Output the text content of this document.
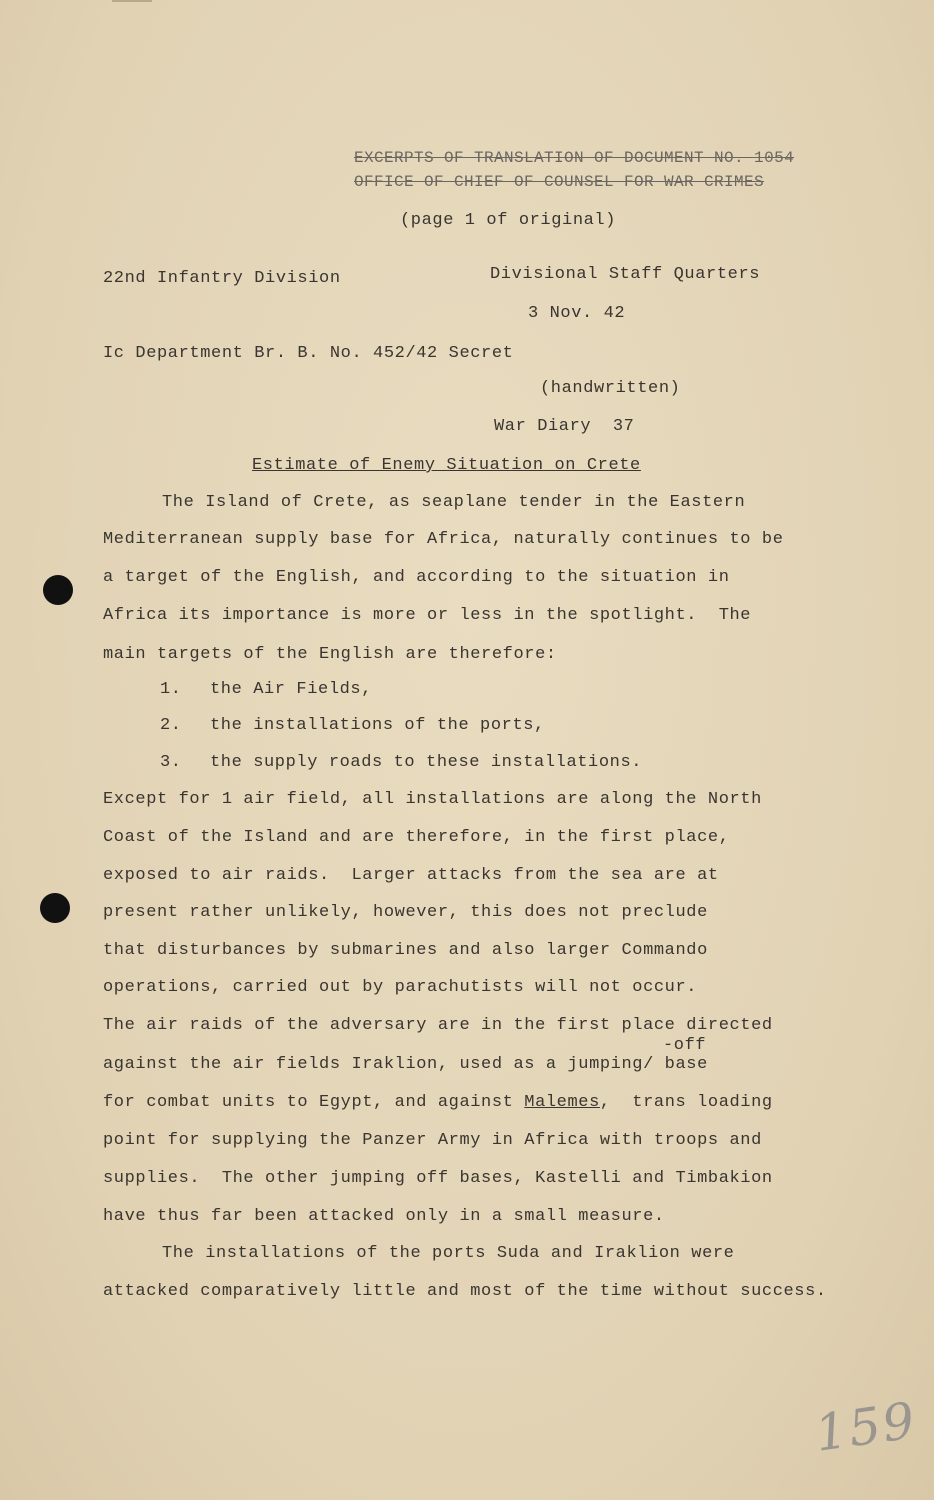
EXCERPTS OF TRANSLATION OF DOCUMENT NO. 1054
OFFICE OF CHIEF OF COUNSEL FOR WAR CRIMES
(page 1 of original)
22nd Infantry Division	Divisional Staff Quarters
3 Nov. 42
Ic Department Br. B. No. 452/42 Secret
(handwritten)
War Diary  37
Estimate of Enemy Situation on Crete
The Island of Crete, as seaplane tender in the Eastern
Mediterranean supply base for Africa, naturally continues to be
a target of the English, and according to the situation in
Africa its importance is more or less in the spotlight.  The
main targets of the English are therefore:
1. the Air Fields,
2. the installations of the ports,
3. the supply roads to these installations.
Except for 1 air field, all installations are along the North
Coast of the Island and are therefore, in the first place,
exposed to air raids.  Larger attacks from the sea are at
present rather unlikely, however, this does not preclude
that disturbances by submarines and also larger Commando
operations, carried out by parachutists will not occur.
The air raids of the adversary are in the first place directed
-off
against the air fields Iraklion, used as a jumping/ base
for combat units to Egypt, and against Malemes,  trans loading
point for supplying the Panzer Army in Africa with troops and
supplies.  The other jumping off bases, Kastelli and Timbakion
have thus far been attacked only in a small measure.
The installations of the ports Suda and Iraklion were
attacked comparatively little and most of the time without success.
159
